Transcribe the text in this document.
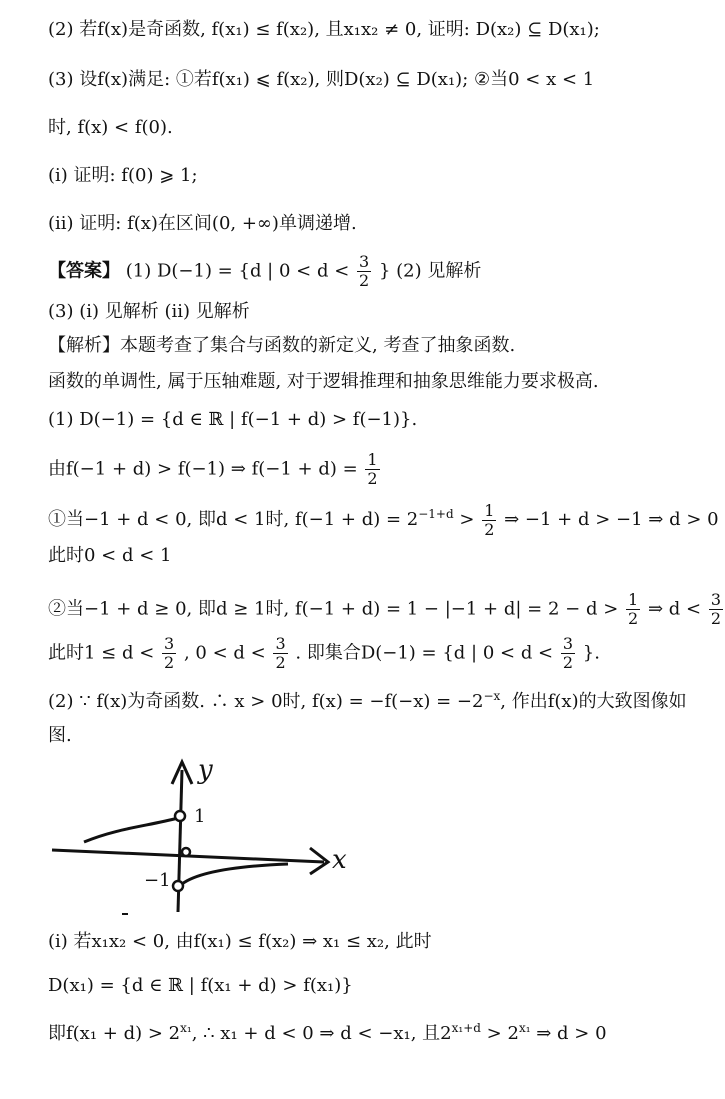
(2) 若f(x)是奇函数, f(x₁) ≤ f(x₂), 且x₁x₂ ≠ 0, 证明: D(x₂) ⊆ D(x₁);
(3) 设f(x)满足: ①若f(x₁) ⩽ f(x₂), 则D(x₂) ⊆ D(x₁); ②当0 < x < 1
时, f(x) < f(0).
(ⅰ) 证明: f(0) ⩾ 1;
(ⅱ) 证明: f(x)在区间(0, +∞)单调递增.
【答案】 (1) D(−1) = {d | $0 < d < \frac{3}{2}$ } (2) 见解析
(3) (ⅰ) 见解析 (ⅱ) 见解析
【解析】本题考查了集合与函数的新定义, 考查了抽象函数.
函数的单调性, 属于压轴难题, 对于逻辑推理和抽象思维能力要求极高.
(1) D(−1) = {d ∈ ℝ | f(−1 + d) > f(−1)}.
由f(−1 + d) > f(−1) ⇒ $f(-1 + d) = \frac{1}{2}$
①当−1 + d < 0, 即d < 1时, $f(-1 + d) = 2^{-1+d} > \frac{1}{2}$ ⇒ −1 + d > −1 ⇒ d > 0
此时0 < d < 1
②当−1 + d ≥ 0, 即d ≥ 1时, $f(-1 + d) = 1 - |-1 + d| = 2 - d > \frac{1}{2}$ ⇒ $d < \frac{3}{2}$
此时$1 \le d < \frac{3}{2}$ , $0 < d < \frac{3}{2}$ . 即集合D(−1) = {d | $0 < d < \frac{3}{2}$ }.
(2) ∵ f(x)为奇函数. ∴ x > 0时, $f(x) = -f(-x) = -2^{-x}$, 作出f(x)的大致图像如
图.
x
y
1
−1
(ⅰ) 若x₁x₂ < 0, 由f(x₁) ≤ f(x₂) ⇒ x₁ ≤ x₂, 此时
D(x₁) = {d ∈ ℝ | f(x₁ + d) > f(x₁)}
即$f(x_1 + d) > 2^{x_1}$, ∴ x₁ + d < 0 ⇒ d < −x₁, 且$2^{x_1+d} > 2^{x_1}$ ⇒ d > 0
